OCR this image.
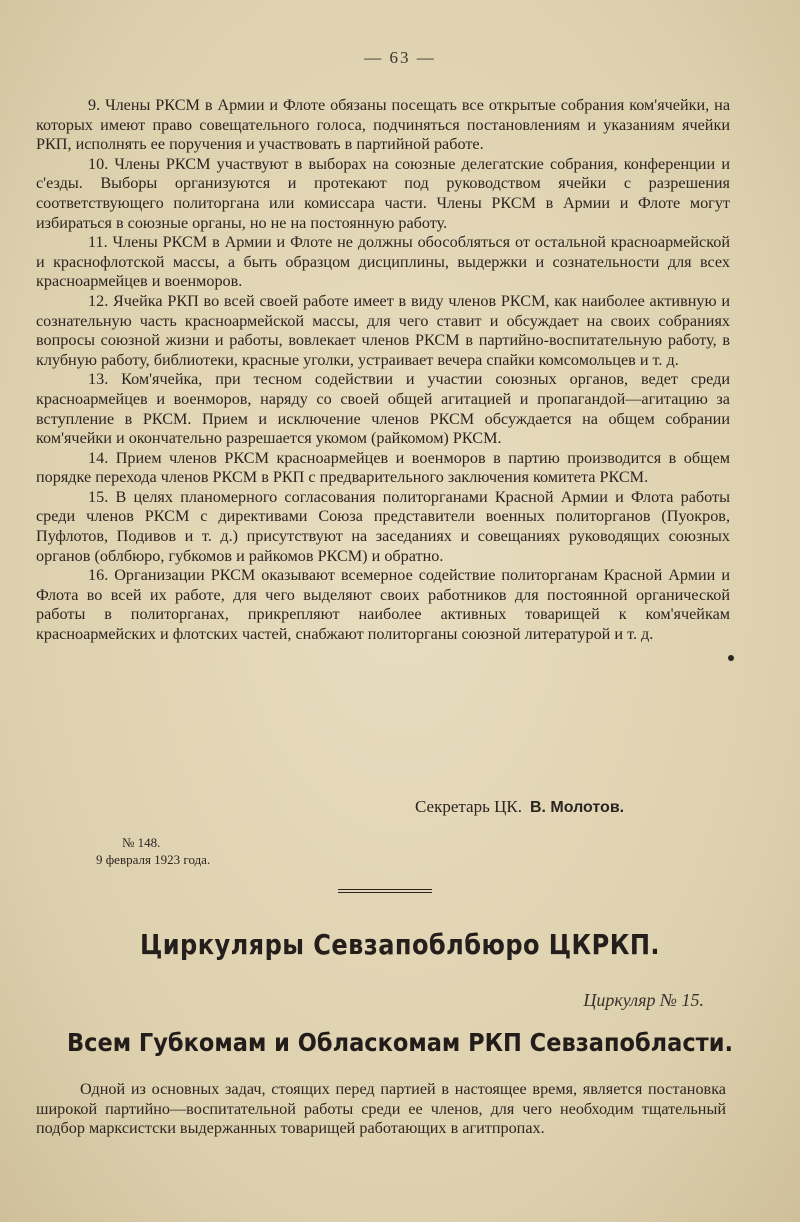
— 63 —

9. Члены РКСМ в Армии и Флоте обязаны посещать все открытые собрания ком'ячейки, на которых имеют право совещательного голоса, подчиняться постановлениям и указаниям ячейки РКП, исполнять ее поручения и участвовать в партийной работе.

10. Члены РКСМ участвуют в выборах на союзные делегатские собрания, конференции и с'езды. Выборы организуются и протекают под руководством ячейки с разрешения соответствующего политоргана или комиссара части. Члены РКСМ в Армии и Флоте могут избираться в союзные органы, но не на постоянную работу.

11. Члены РКСМ в Армии и Флоте не должны обособляться от остальной красноармейской и краснофлотской массы, а быть образцом дисциплины, выдержки и сознательности для всех красноармейцев и военморов.

12. Ячейка РКП во всей своей работе имеет в виду членов РКСМ, как наиболее активную и сознательную часть красноармейской массы, для чего ставит и обсуждает на своих собраниях вопросы союзной жизни и работы, вовлекает членов РКСМ в партийно-воспитательную работу, в клубную работу, библиотеки, красные уголки, устраивает вечера спайки комсомольцев и т. д.

13. Ком'ячейка, при тесном содействии и участии союзных органов, ведет среди красноармейцев и военморов, наряду со своей общей агитацией и пропагандой—агитацию за вступление в РКСМ. Прием и исключение членов РКСМ обсуждается на общем собрании ком'ячейки и окончательно разрешается укомом (райкомом) РКСМ.

14. Прием членов РКСМ красноармейцев и военморов в партию производится в общем порядке перехода членов РКСМ в РКП с предварительного заключения комитета РКСМ.

15. В целях планомерного согласования политорганами Красной Армии и Флота работы среди членов РКСМ с директивами Союза представители военных политорганов (Пуокров, Пуфлотов, Подивов и т. д.) присутствуют на заседаниях и совещаниях руководящих союзных органов (облбюро, губкомов и райкомов РКСМ) и обратно.

16. Организации РКСМ оказывают всемерное содействие политорганам Красной Армии и Флота во всей их работе, для чего выделяют своих работников для постоянной органической работы в политорганах, прикрепляют наиболее активных товарищей к ком'ячейкам красноармейских и флотских частей, снабжают политорганы союзной литературой и т. д.

Секретарь ЦК. В. Молотов.
№ 148.
9 февраля 1923 года.
Циркуляры Севзапоблбюро ЦКРКП.
Циркуляр № 15.
Всем Губкомам и Обласкомам РКП Севзапобласти.

Одной из основных задач, стоящих перед партией в настоящее время, является постановка широкой партийно—воспитательной работы среди ее членов, для чего необходим тщательный подбор марксистски выдержанных товарищей работающих в агитпропах.
